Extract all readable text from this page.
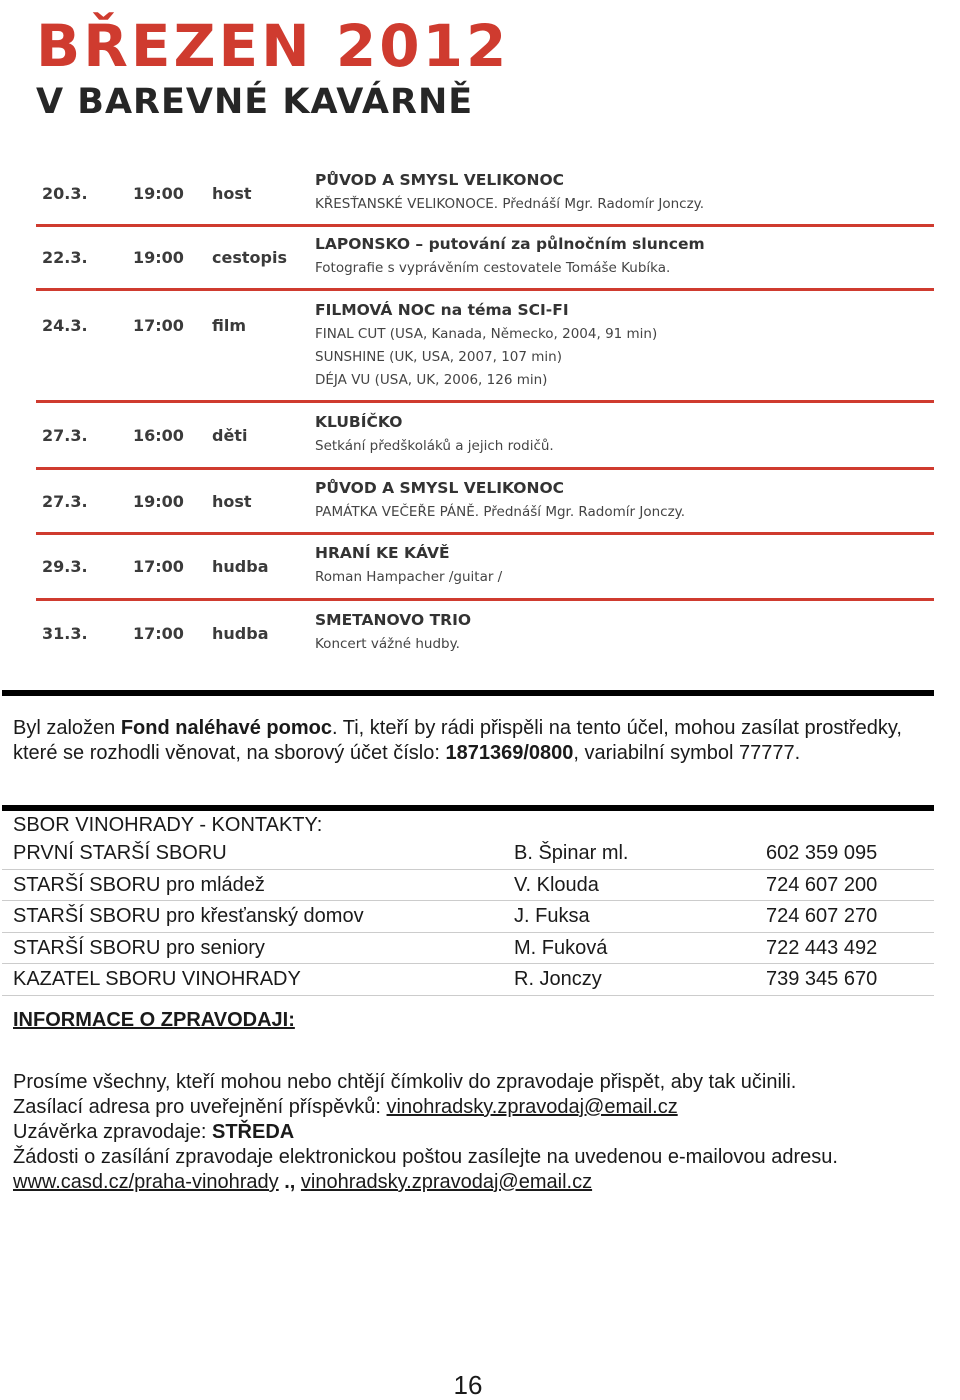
BŘEZEN 2012
V BAREVNÉ KAVÁRNĚ
20.3.	19:00 host
PŮVOD A SMYSL VELIKONOC
KŘESŤANSKÉ VELIKONOCE. Přednáší Mgr. Radomír Jonczy.
22.3.	19:00 cestopis
LAPONSKO – putování za půlnočním sluncem
Fotografie s vyprávěním cestovatele Tomáše Kubíka.
24.3.	17:00 film
FILMOVÁ NOC na téma SCI-FI
FINAL CUT (USA, Kanada, Německo, 2004, 91 min)
SUNSHINE (UK, USA, 2007, 107 min)
DÉJA VU (USA, UK, 2006, 126 min)
27.3.	16:00 děti
KLUBÍČKO
Setkání předškoláků a jejich rodičů.
27.3.	19:00 host
PŮVOD A SMYSL VELIKONOC
PAMÁTKA VEČEŘE PÁNĚ. Přednáší Mgr. Radomír Jonczy.
29.3.	17:00 hudba
HRANÍ KE KÁVĚ
Roman Hampacher /guitar /
31.3.	17:00 hudba
SMETANOVO TRIO
Koncert vážné hudby.

Byl založen Fond naléhavé pomoc. Ti, kteří by rádi přispěli na tento účel, mohou zasílat prostředky, které se rozhodli věnovat, na sborový účet číslo: 1871369/0800, variabilní symbol 77777.

SBOR VINOHRADY - KONTAKTY:

PRVNÍ STARŠÍ SBORU	B. Špinar ml.	602 359 095
STARŠÍ SBORU pro mládež	V. Klouda	724 607 200
STARŠÍ SBORU pro křesťanský domov	J. Fuksa	724 607 270
STARŠÍ SBORU pro seniory	M. Fuková	722 443 492
KAZATEL SBORU VINOHRADY	R. Jonczy	739 345 670

INFORMACE O ZPRAVODAJI:

Prosíme všechny, kteří mohou nebo chtějí čímkoliv do zpravodaje přispět, aby tak učinili.

Zasílací adresa pro uveřejnění příspěvků: vinohradsky.zpravodaj@email.cz

Uzávěrka zpravodaje: STŘEDA

Žádosti o zasílání zpravodaje elektronickou poštou zasílejte na uvedenou e-mailovou adresu.

www.casd.cz/praha-vinohrady ., vinohradsky.zpravodaj@email.cz

16
